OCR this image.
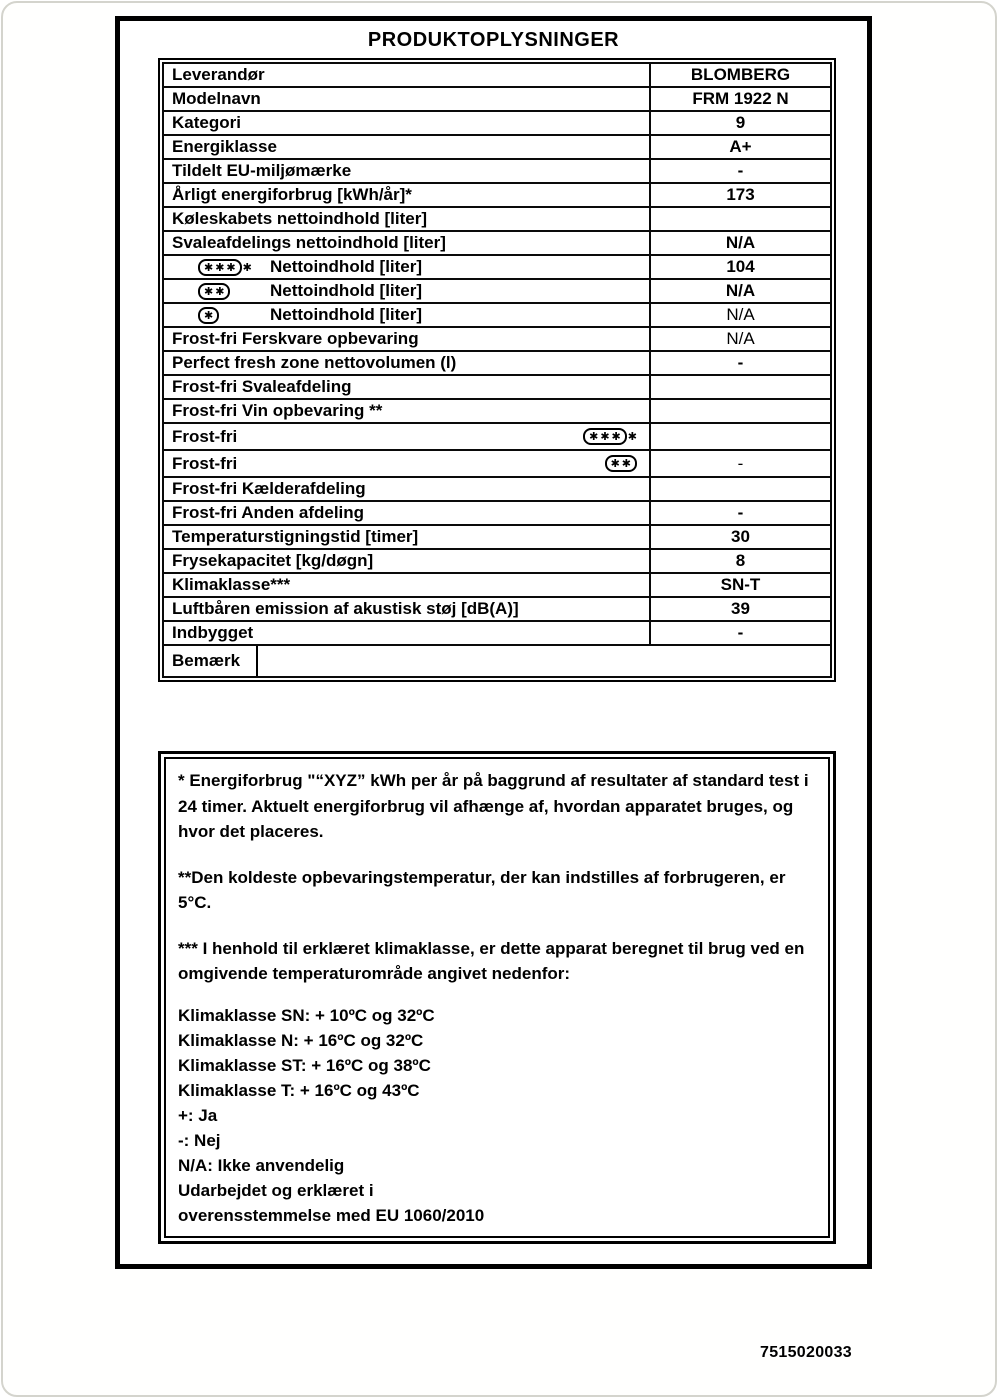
PRODUKTOPLYSNINGER
Leverandør	BLOMBERG

Modelnavn	FRM 1922 N

Kategori	9

Energiklasse	A+

Tildelt EU-miljømærke	-

Årligt energiforbrug [kWh/år]*	173

Køleskabets nettoindhold [liter]	

Svaleafdelings nettoindhold [liter]	N/A

✱✱✱ ✱ Nettoindhold [liter]	104

✱✱ Nettoindhold [liter]	N/A

✱ Nettoindhold [liter]	N/A

Frost-fri Ferskvare opbevaring	N/A

Perfect fresh zone nettovolumen (l)	-

Frost-fri Svaleafdeling	

Frost-fri Vin opbevaring **	

Frost-fri ✱✱✱ ✱	

Frost-fri ✱✱	-

Frost-fri Kælderafdeling	

Frost-fri Anden afdeling	-

Temperaturstigningstid [timer]	30

Frysekapacitet [kg/døgn]	8

Klimaklasse***	SN-T

Luftbåren emission af akustisk støj [dB(A)]	39

Indbygget	-

Bemærk	

* Energiforbrug "“XYZ” kWh per år på baggrund af resultater af standard test i 24 timer. Aktuelt energiforbrug vil afhænge af, hvordan apparatet bruges, og hvor det placeres.

**Den koldeste opbevaringstemperatur, der kan indstilles af forbrugeren, er 5°C.

*** I henhold til erklæret klimaklasse, er dette apparat beregnet til brug ved en omgivende temperaturområde angivet nedenfor:

Klimaklasse SN: + 10ºC og 32ºC
Klimaklasse N: + 16ºC og 32ºC
Klimaklasse ST: + 16ºC og 38ºC
Klimaklasse T: + 16ºC og 43ºC
+: Ja
-: Nej
N/A: Ikke anvendelig
Udarbejdet og erklæret i
overensstemmelse med EU 1060/2010
7515020033
